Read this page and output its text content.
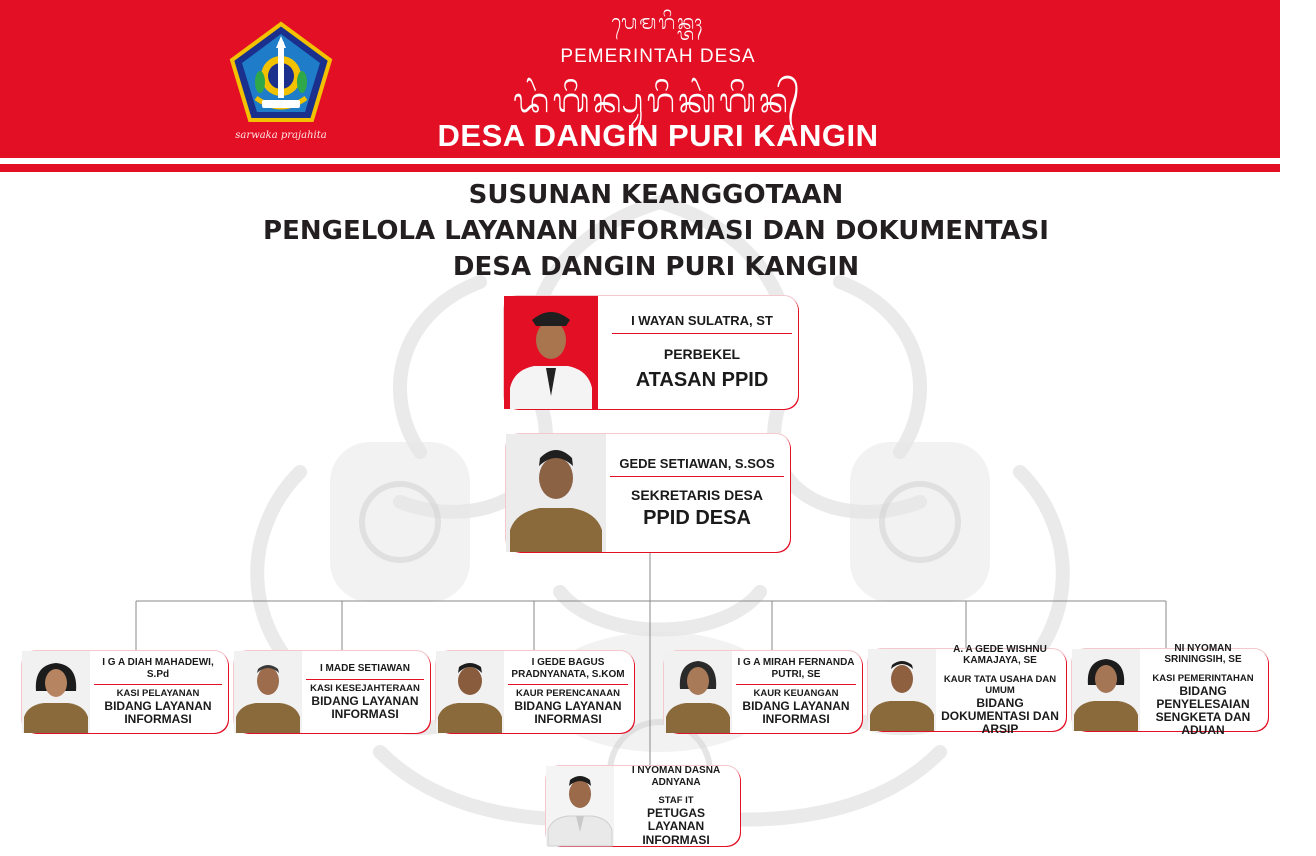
sarwaka prajahita
ᬧᬾᬫᬭᬶᬦ᭄ᬢᬄ
PEMERINTAH DESA
ᬤᬂᬕᬶᬦ᭄ᬧᬸᬭᬶᬓᬂᬕᬶᬦ᭄
DESA DANGIN PURI KANGIN
SUSUNAN KEANGGOTAAN
PENGELOLA LAYANAN INFORMASI DAN DOKUMENTASI
DESA DANGIN PURI KANGIN
I WAYAN SULATRA, ST
PERBEKEL
ATASAN PPID
GEDE SETIAWAN, S.SOS
SEKRETARIS DESA
PPID DESA
I G A DIAH MAHADEWI, S.Pd
KASI PELAYANAN
BIDANG LAYANAN INFORMASI
I MADE SETIAWAN
KASI KESEJAHTERAAN
BIDANG LAYANAN INFORMASI
I GEDE BAGUS PRADNYANATA, S.KOM
KAUR PERENCANAAN
BIDANG LAYANAN INFORMASI
I G A MIRAH FERNANDA PUTRI, SE
KAUR KEUANGAN
BIDANG LAYANAN INFORMASI
A. A GEDE WISHNU KAMAJAYA, SE
KAUR TATA USAHA DAN UMUM
BIDANG DOKUMENTASI DAN ARSIP
NI NYOMAN SRININGSIH, SE
KASI PEMERINTAHAN
BIDANG PENYELESAIAN SENGKETA DAN ADUAN
I NYOMAN DASNA ADNYANA
STAF IT
PETUGAS LAYANAN INFORMASI
